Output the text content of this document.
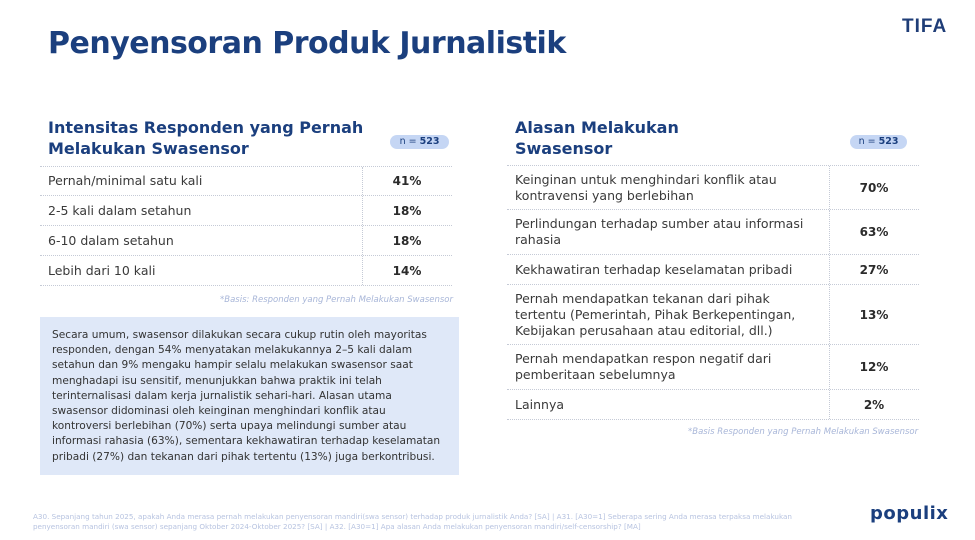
TIFA
Penyensoran Produk Jurnalistik
Intensitas Responden yang Pernah
Melakukan Swasensor	n = 523
Pernah/minimal satu kali	41%
2-5 kali dalam setahun	18%
6-10 dalam setahun	18%
Lebih dari 10 kali	14%
*Basis: Responden yang Pernah Melakukan Swasensor
Secara umum, swasensor dilakukan secara cukup rutin oleh mayoritas responden, dengan 54% menyatakan melakukannya 2–5 kali dalam setahun dan 9% mengaku hampir selalu melakukan swasensor saat menghadapi isu sensitif, menunjukkan bahwa praktik ini telah terinternalisasi dalam kerja jurnalistik sehari-hari. Alasan utama swasensor didominasi oleh keinginan menghindari konflik atau kontroversi berlebihan (70%) serta upaya melindungi sumber atau informasi rahasia (63%), sementara kekhawatiran terhadap keselamatan pribadi (27%) dan tekanan dari pihak tertentu (13%) juga berkontribusi.
Alasan Melakukan
Swasensor	n = 523
Keinginan untuk menghindari konflik atau kontravensi yang berlebihan	70%
Perlindungan terhadap sumber atau informasi rahasia	63%
Kekhawatiran terhadap keselamatan pribadi	27%
Pernah mendapatkan tekanan dari pihak tertentu (Pemerintah, Pihak Berkepentingan, Kebijakan perusahaan atau editorial, dll.)
13%
Pernah mendapatkan respon negatif dari pemberitaan sebelumnya	12%
Lainnya	2%
*Basis Responden yang Pernah Melakukan Swasensor
A30. Sepanjang tahun 2025, apakah Anda merasa pernah melakukan penyensoran mandiri(swa sensor) terhadap produk jurnalistik Anda? [SA] | A31. [A30=1] Seberapa sering Anda merasa terpaksa melakukan penyensoran mandiri (swa sensor) sepanjang Oktober 2024-Oktober 2025? [SA] | A32. [A30=1] Apa alasan Anda melakukan penyensoran mandiri/self-censorship? [MA]
populix
